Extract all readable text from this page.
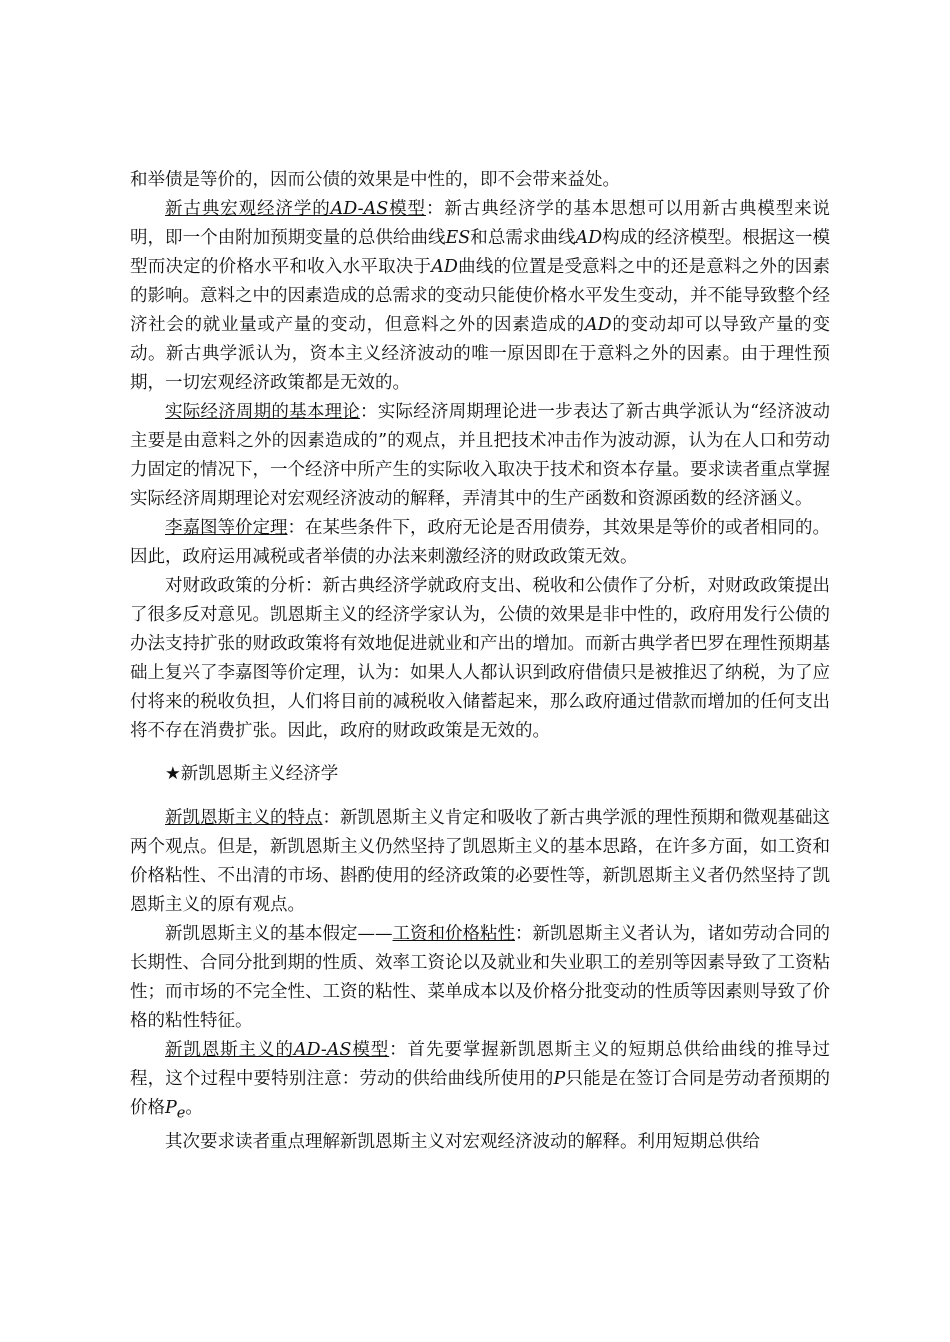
和举债是等价的，因而公债的效果是中性的，即不会带来益处。

新古典宏观经济学的AD-AS模型：新古典经济学的基本思想可以用新古典模型来说明，即一个由附加预期变量的总供给曲线ES和总需求曲线AD构成的经济模型。根据这一模型而决定的价格水平和收入水平取决于AD曲线的位置是受意料之中的还是意料之外的因素的影响。意料之中的因素造成的总需求的变动只能使价格水平发生变动，并不能导致整个经济社会的就业量或产量的变动，但意料之外的因素造成的AD的变动却可以导致产量的变动。新古典学派认为，资本主义经济波动的唯一原因即在于意料之外的因素。由于理性预期，一切宏观经济政策都是无效的。

实际经济周期的基本理论：实际经济周期理论进一步表达了新古典学派认为“经济波动主要是由意料之外的因素造成的”的观点，并且把技术冲击作为波动源，认为在人口和劳动力固定的情况下，一个经济中所产生的实际收入取决于技术和资本存量。要求读者重点掌握实际经济周期理论对宏观经济波动的解释，弄清其中的生产函数和资源函数的经济涵义。

李嘉图等价定理：在某些条件下，政府无论是否用债券，其效果是等价的或者相同的。因此，政府运用减税或者举债的办法来刺激经济的财政政策无效。

对财政政策的分析：新古典经济学就政府支出、税收和公债作了分析，对财政政策提出了很多反对意见。凯恩斯主义的经济学家认为，公债的效果是非中性的，政府用发行公债的办法支持扩张的财政政策将有效地促进就业和产出的增加。而新古典学者巴罗在理性预期基础上复兴了李嘉图等价定理，认为：如果人人都认识到政府借债只是被推迟了纳税，为了应付将来的税收负担，人们将目前的减税收入储蓄起来，那么政府通过借款而增加的任何支出将不存在消费扩张。因此，政府的财政政策是无效的。

★新凯恩斯主义经济学

新凯恩斯主义的特点：新凯恩斯主义肯定和吸收了新古典学派的理性预期和微观基础这两个观点。但是，新凯恩斯主义仍然坚持了凯恩斯主义的基本思路，在许多方面，如工资和价格粘性、不出清的市场、斟酌使用的经济政策的必要性等，新凯恩斯主义者仍然坚持了凯恩斯主义的原有观点。

新凯恩斯主义的基本假定——工资和价格粘性：新凯恩斯主义者认为，诸如劳动合同的长期性、合同分批到期的性质、效率工资论以及就业和失业职工的差别等因素导致了工资粘性；而市场的不完全性、工资的粘性、菜单成本以及价格分批变动的性质等因素则导致了价格的粘性特征。

新凯恩斯主义的AD-AS模型：首先要掌握新凯恩斯主义的短期总供给曲线的推导过程，这个过程中要特别注意：劳动的供给曲线所使用的P只能是在签订合同是劳动者预期的价格$P_e$。

其次要求读者重点理解新凯恩斯主义对宏观经济波动的解释。利用短期总供给
